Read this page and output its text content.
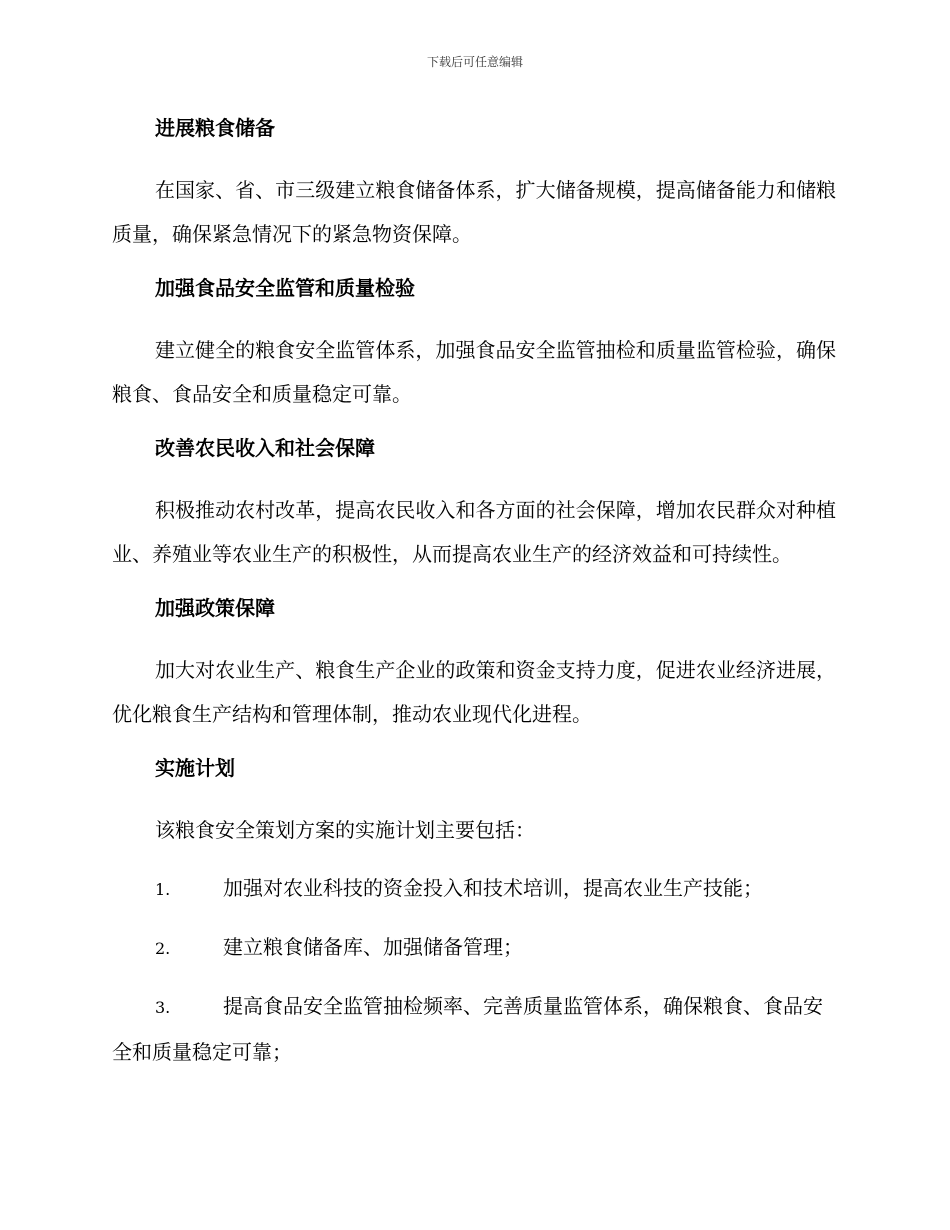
下载后可任意编辑
进展粮食储备
在国家、省、市三级建立粮食储备体系，扩大储备规模，提高储备能力和储粮质量，确保紧急情况下的紧急物资保障。
加强食品安全监管和质量检验
建立健全的粮食安全监管体系，加强食品安全监管抽检和质量监管检验，确保粮食、食品安全和质量稳定可靠。
改善农民收入和社会保障
积极推动农村改革，提高农民收入和各方面的社会保障，增加农民群众对种植业、养殖业等农业生产的积极性，从而提高农业生产的经济效益和可持续性。
加强政策保障
加大对农业生产、粮食生产企业的政策和资金支持力度，促进农业经济进展，优化粮食生产结构和管理体制，推动农业现代化进程。
实施计划
该粮食安全策划方案的实施计划主要包括：
1.	加强对农业科技的资金投入和技术培训，提高农业生产技能；
2.	建立粮食储备库、加强储备管理；
3.	提高食品安全监管抽检频率、完善质量监管体系，确保粮食、食品安全和质量稳定可靠；
